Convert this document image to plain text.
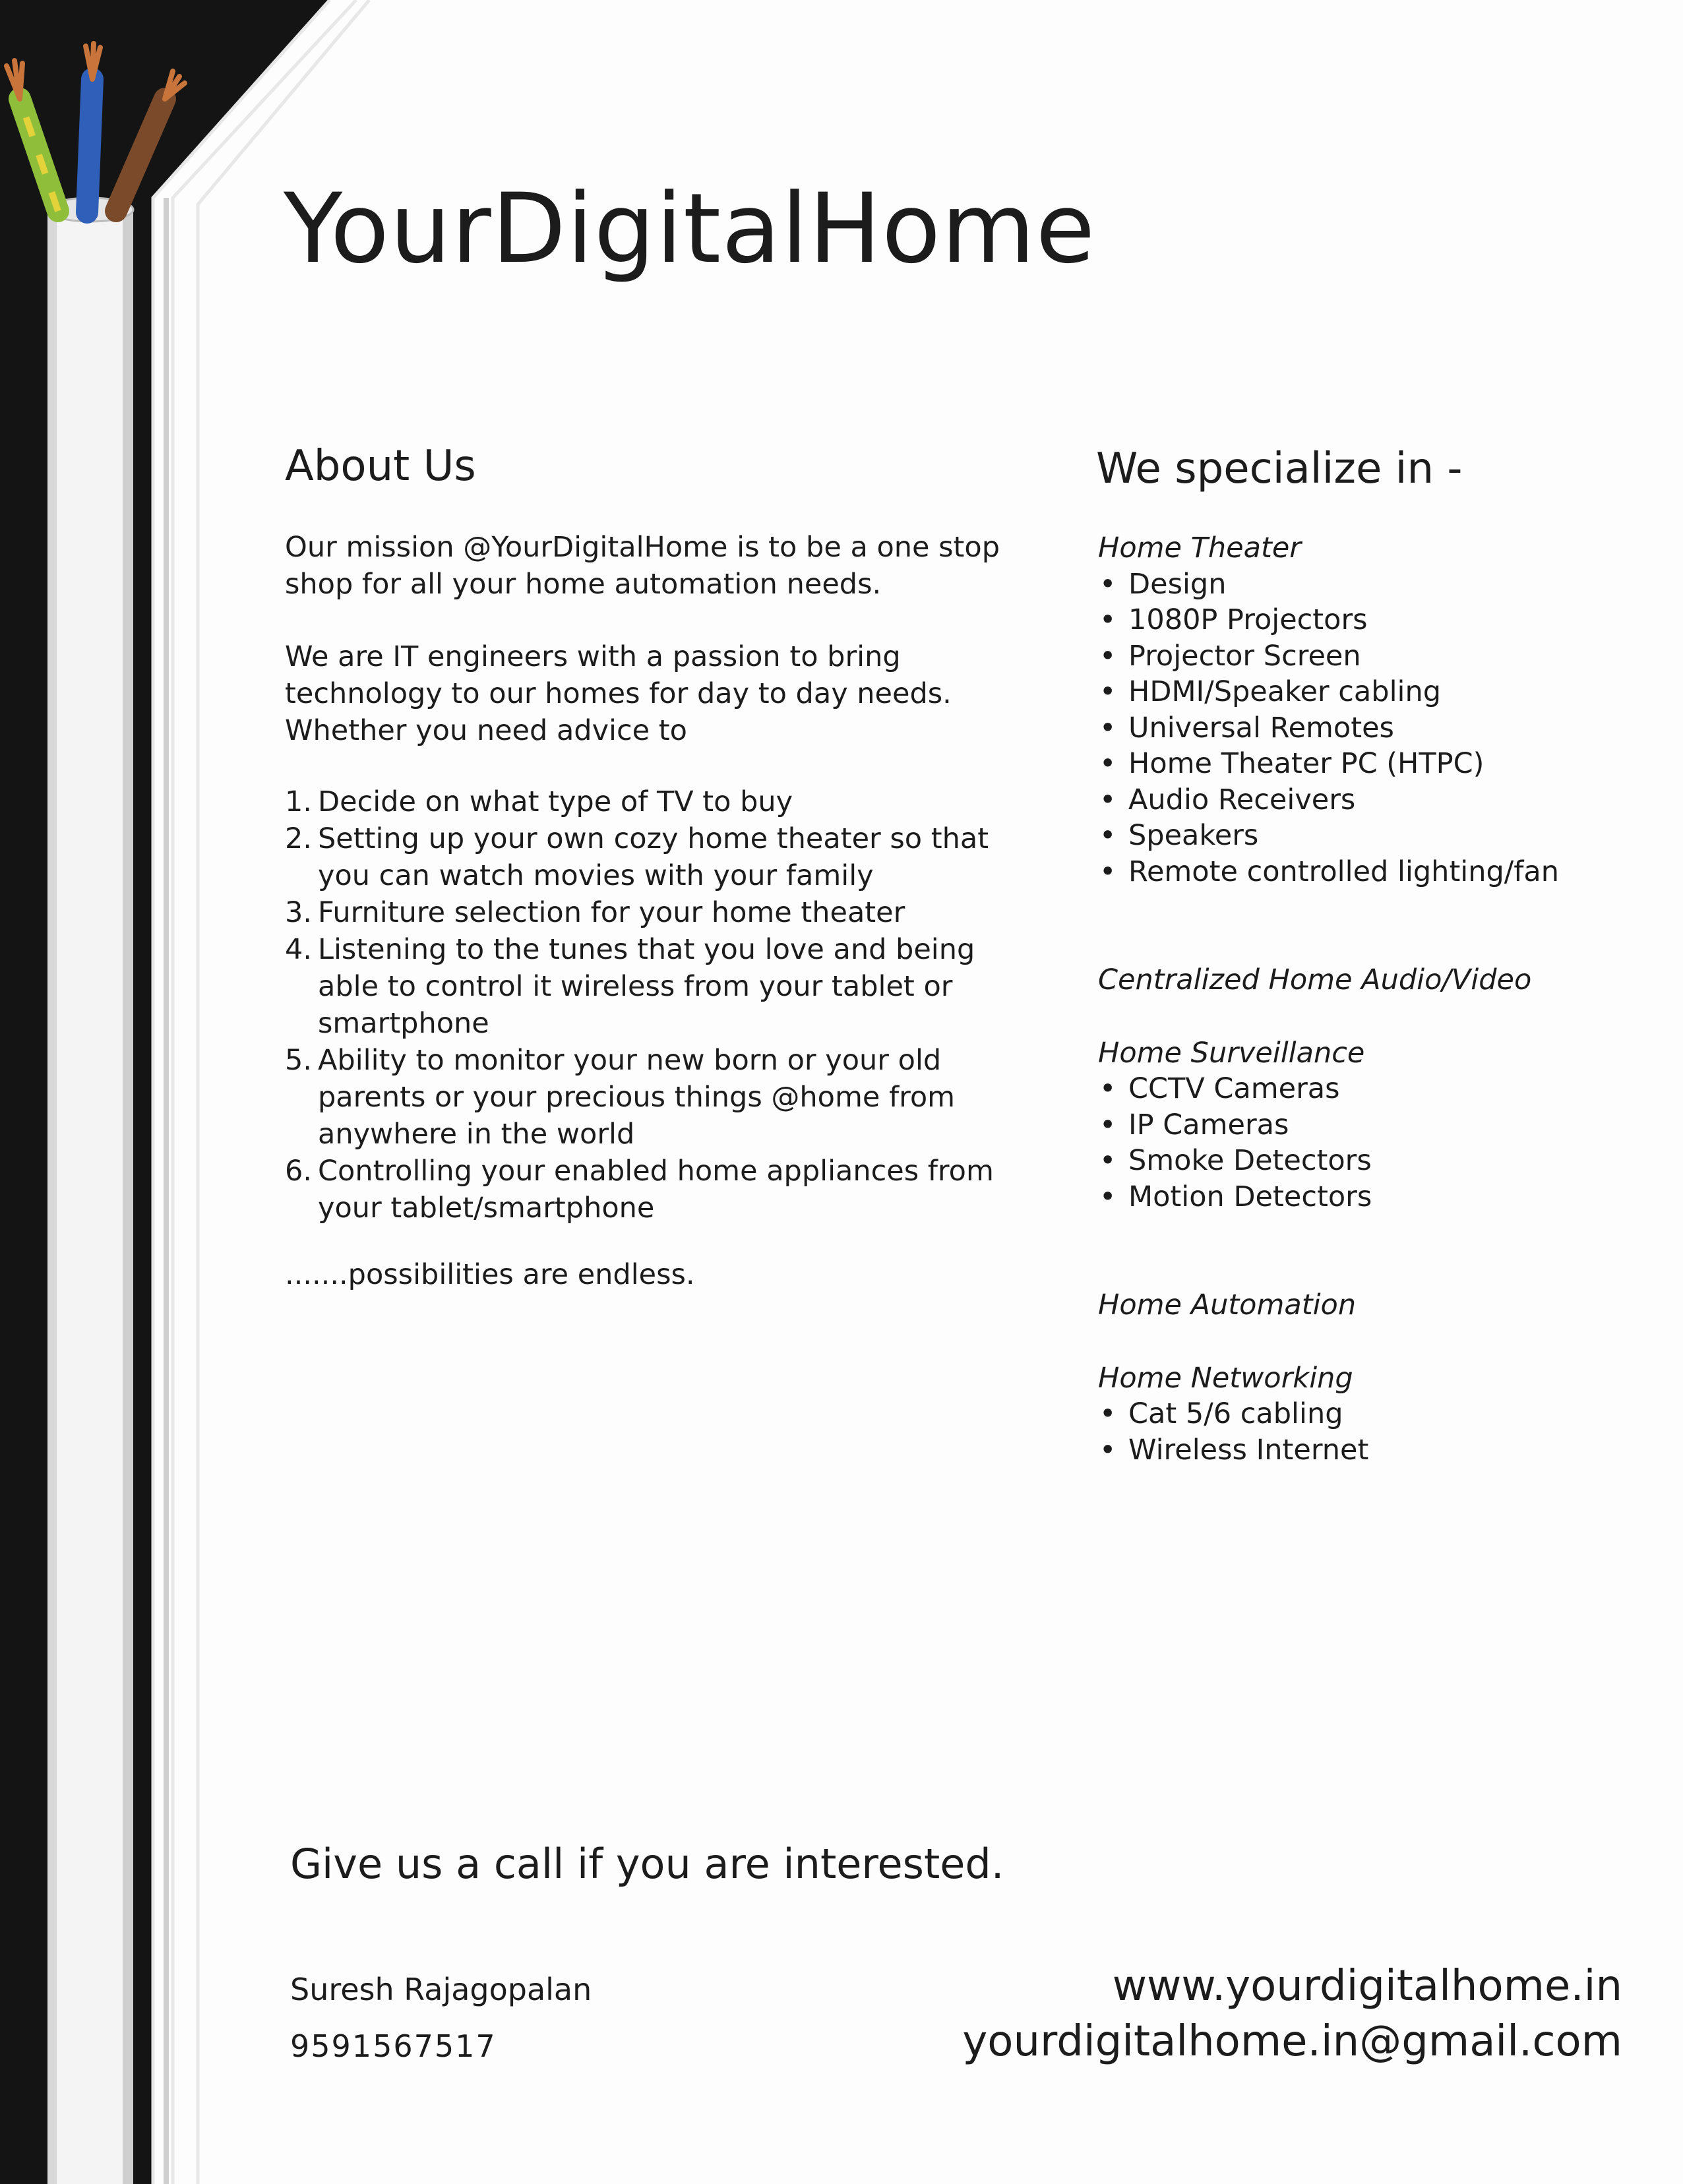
YourDigitalHome
About Us

Our mission @YourDigitalHome is to be a one stop shop for all your home automation needs.

We are IT engineers with a passion to bring technology to our homes for day to day needs. Whether you need advice to

1. Decide on what type of TV to buy
2. Setting up your own cozy home theater so that you can watch movies with your family
3. Furniture selection for your home theater
4. Listening to the tunes that you love and being able to control it wireless from your tablet or smartphone
5. Ability to monitor your new born or your old parents or your precious things @home from anywhere in the world
6. Controlling your enabled home appliances from your tablet/smartphone
.......possibilities are endless.
We specialize in -
Home Theater
• Design
• 1080P Projectors
• Projector Screen
• HDMI/Speaker cabling
• Universal Remotes
• Home Theater PC (HTPC)
• Audio Receivers
• Speakers
• Remote controlled lighting/fan
Centralized Home Audio/Video
Home Surveillance
• CCTV Cameras
• IP Cameras
• Smoke Detectors
• Motion Detectors
Home Automation
Home Networking
• Cat 5/6 cabling
• Wireless Internet
Give us a call if you are interested.
Suresh Rajagopalan
9591567517
www.yourdigitalhome.in
yourdigitalhome.in@gmail.com
